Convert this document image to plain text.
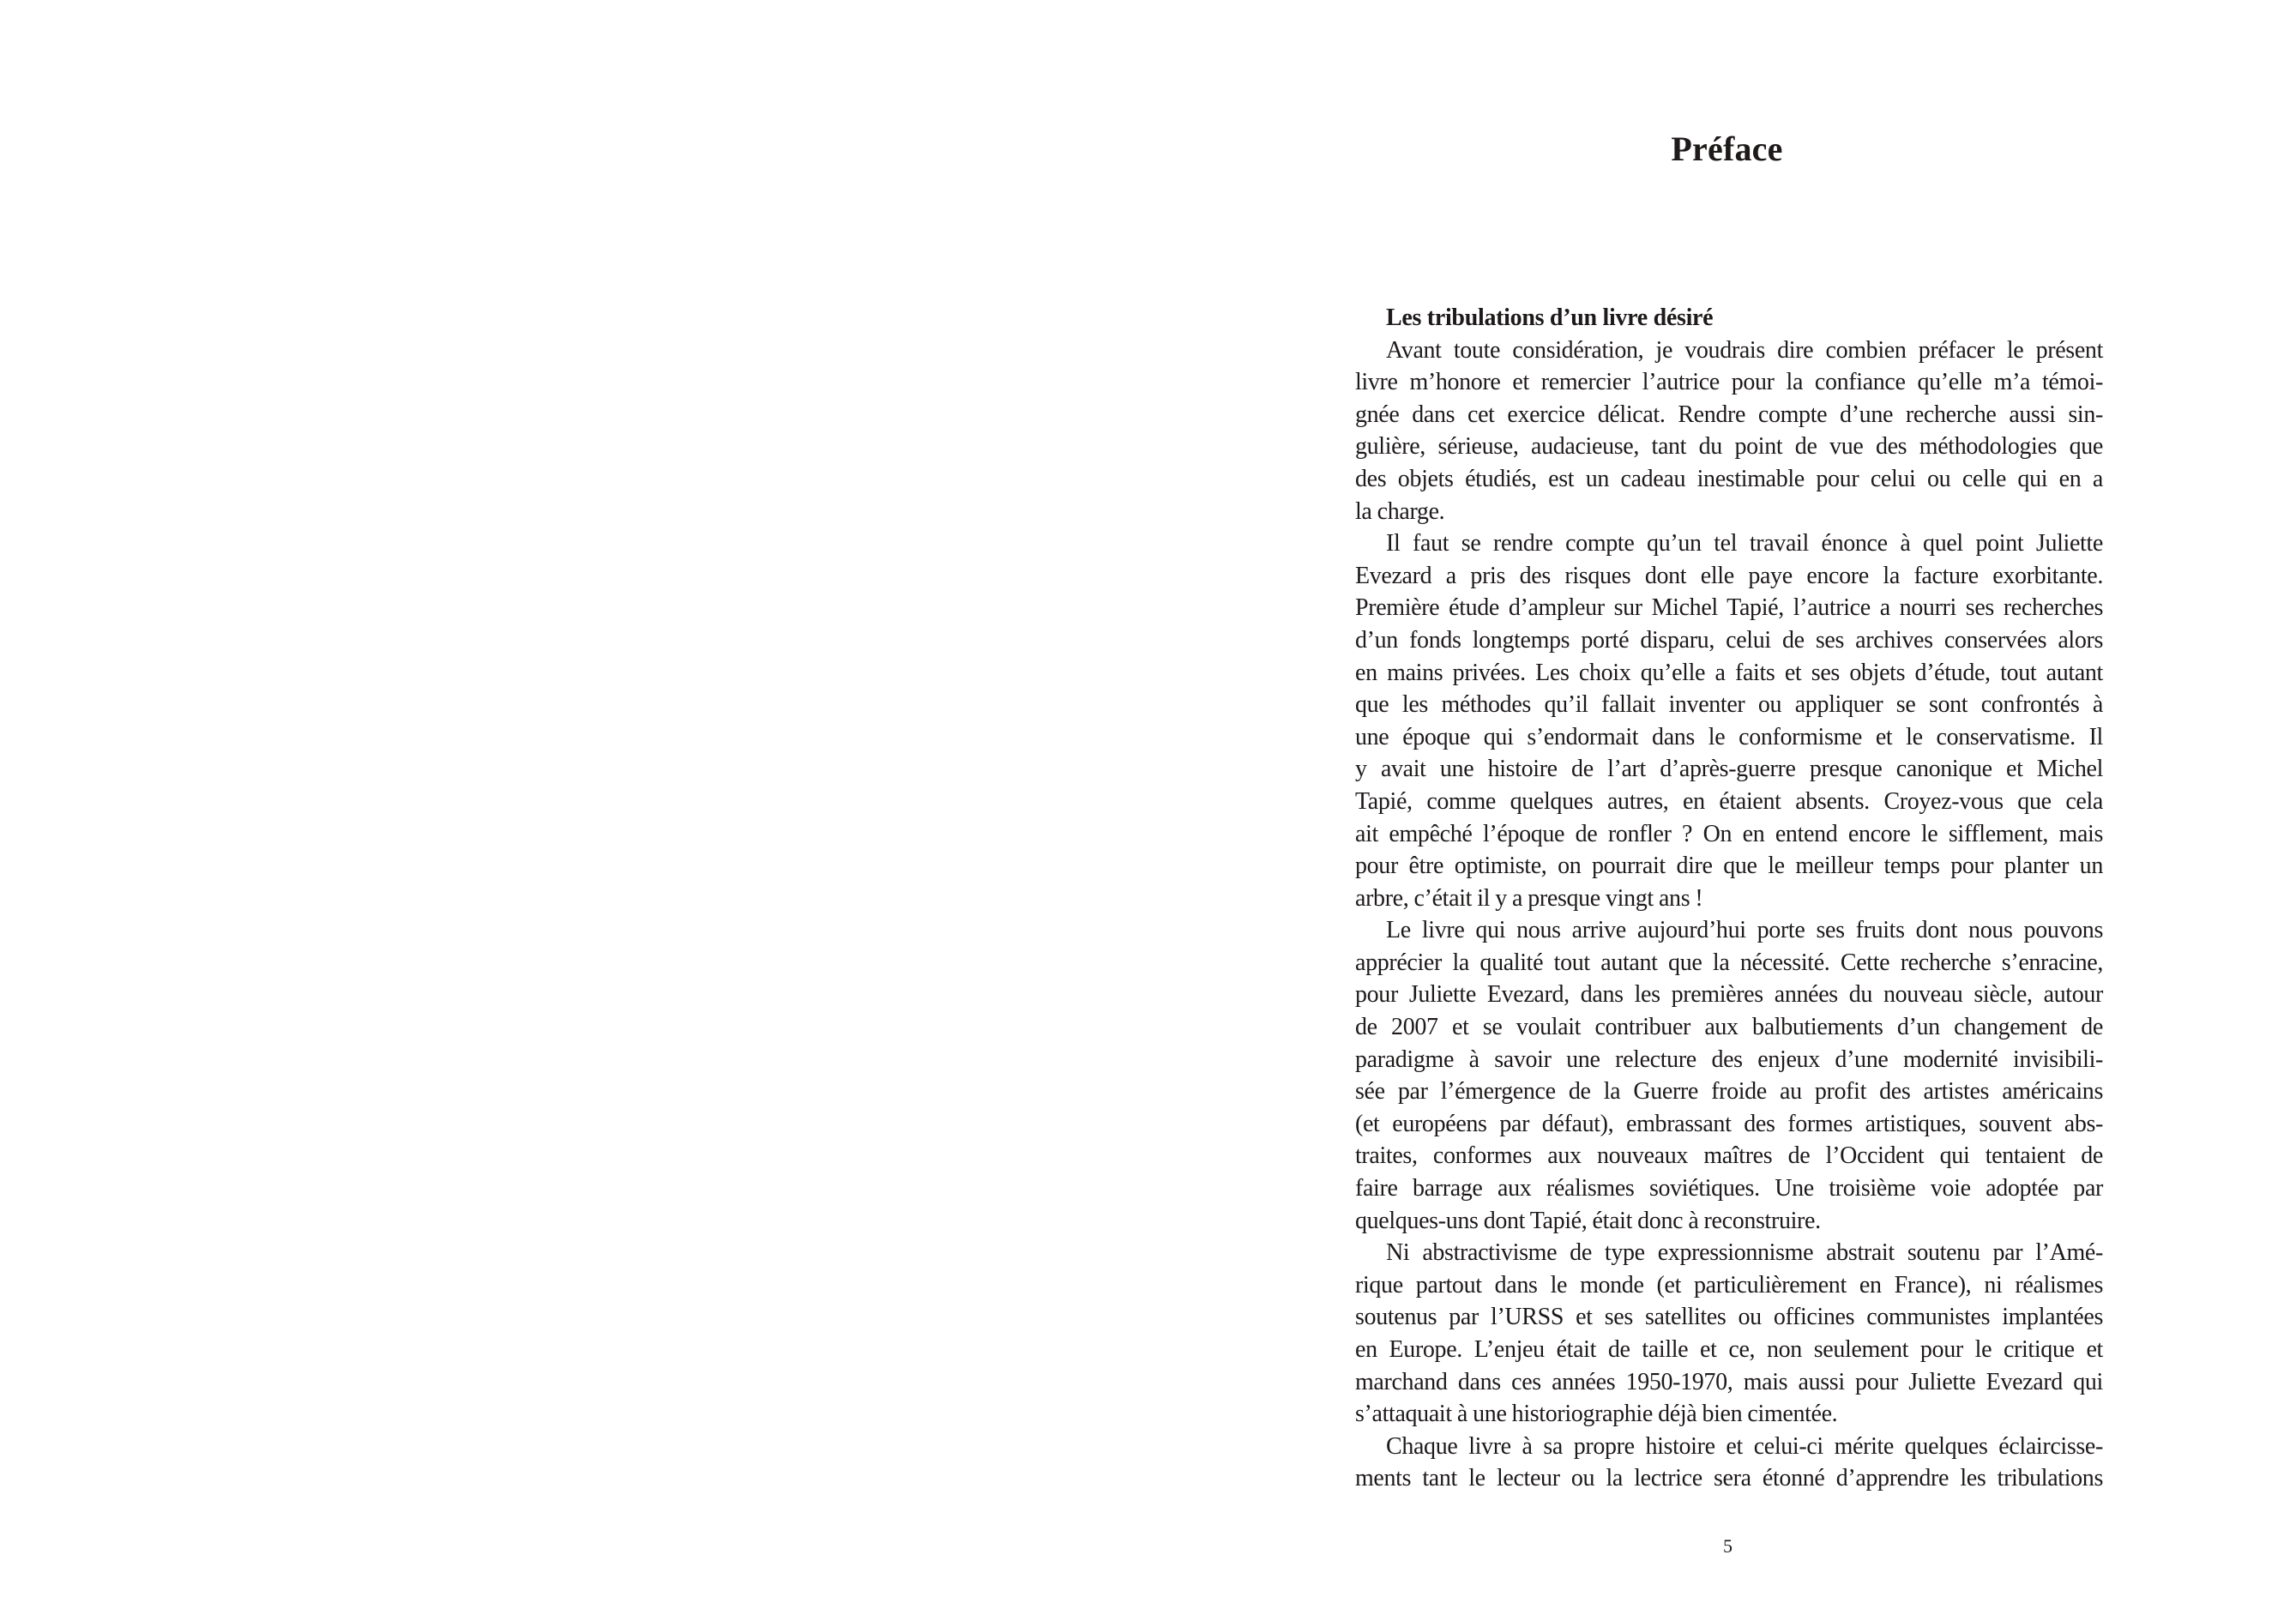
Préface

Les tribulations d’un livre désiré

Avant toute considération, je voudrais dire combien préfacer le présent
livre m’honore et remercier l’autrice pour la confiance qu’elle m’a témoi-
gnée dans cet exercice délicat. Rendre compte d’une recherche aussi sin-
gulière, sérieuse, audacieuse, tant du point de vue des méthodologies que
des objets étudiés, est un cadeau inestimable pour celui ou celle qui en a
la charge.
Il faut se rendre compte qu’un tel travail énonce à quel point Juliette
Evezard a pris des risques dont elle paye encore la facture exorbitante.
Première étude d’ampleur sur Michel Tapié, l’autrice a nourri ses recherches
d’un fonds longtemps porté disparu, celui de ses archives conservées alors
en mains privées. Les choix qu’elle a faits et ses objets d’étude, tout autant
que les méthodes qu’il fallait inventer ou appliquer se sont confrontés à
une époque qui s’endormait dans le conformisme et le conservatisme. Il
y avait une histoire de l’art d’après-guerre presque canonique et Michel
Tapié, comme quelques autres, en étaient absents. Croyez-vous que cela
ait empêché l’époque de ronfler ? On en entend encore le sifflement, mais
pour être optimiste, on pourrait dire que le meilleur temps pour planter un
arbre, c’était il y a presque vingt ans !
Le livre qui nous arrive aujourd’hui porte ses fruits dont nous pouvons
apprécier la qualité tout autant que la nécessité. Cette recherche s’enracine,
pour Juliette Evezard, dans les premières années du nouveau siècle, autour
de 2007 et se voulait contribuer aux balbutiements d’un changement de
paradigme à savoir une relecture des enjeux d’une modernité invisibili-
sée par l’émergence de la Guerre froide au profit des artistes américains
(et européens par défaut), embrassant des formes artistiques, souvent abs-
traites, conformes aux nouveaux maîtres de l’Occident qui tentaient de
faire barrage aux réalismes soviétiques. Une troisième voie adoptée par
quelques-uns dont Tapié, était donc à reconstruire.
Ni abstractivisme de type expressionnisme abstrait soutenu par l’Amé-
rique partout dans le monde (et particulièrement en France), ni réalismes
soutenus par l’URSS et ses satellites ou officines communistes implantées
en Europe. L’enjeu était de taille et ce, non seulement pour le critique et
marchand dans ces années 1950-1970, mais aussi pour Juliette Evezard qui
s’attaquait à une historiographie déjà bien cimentée.
Chaque livre à sa propre histoire et celui-ci mérite quelques éclaircisse-
ments tant le lecteur ou la lectrice sera étonné d’apprendre les tribulations
5
